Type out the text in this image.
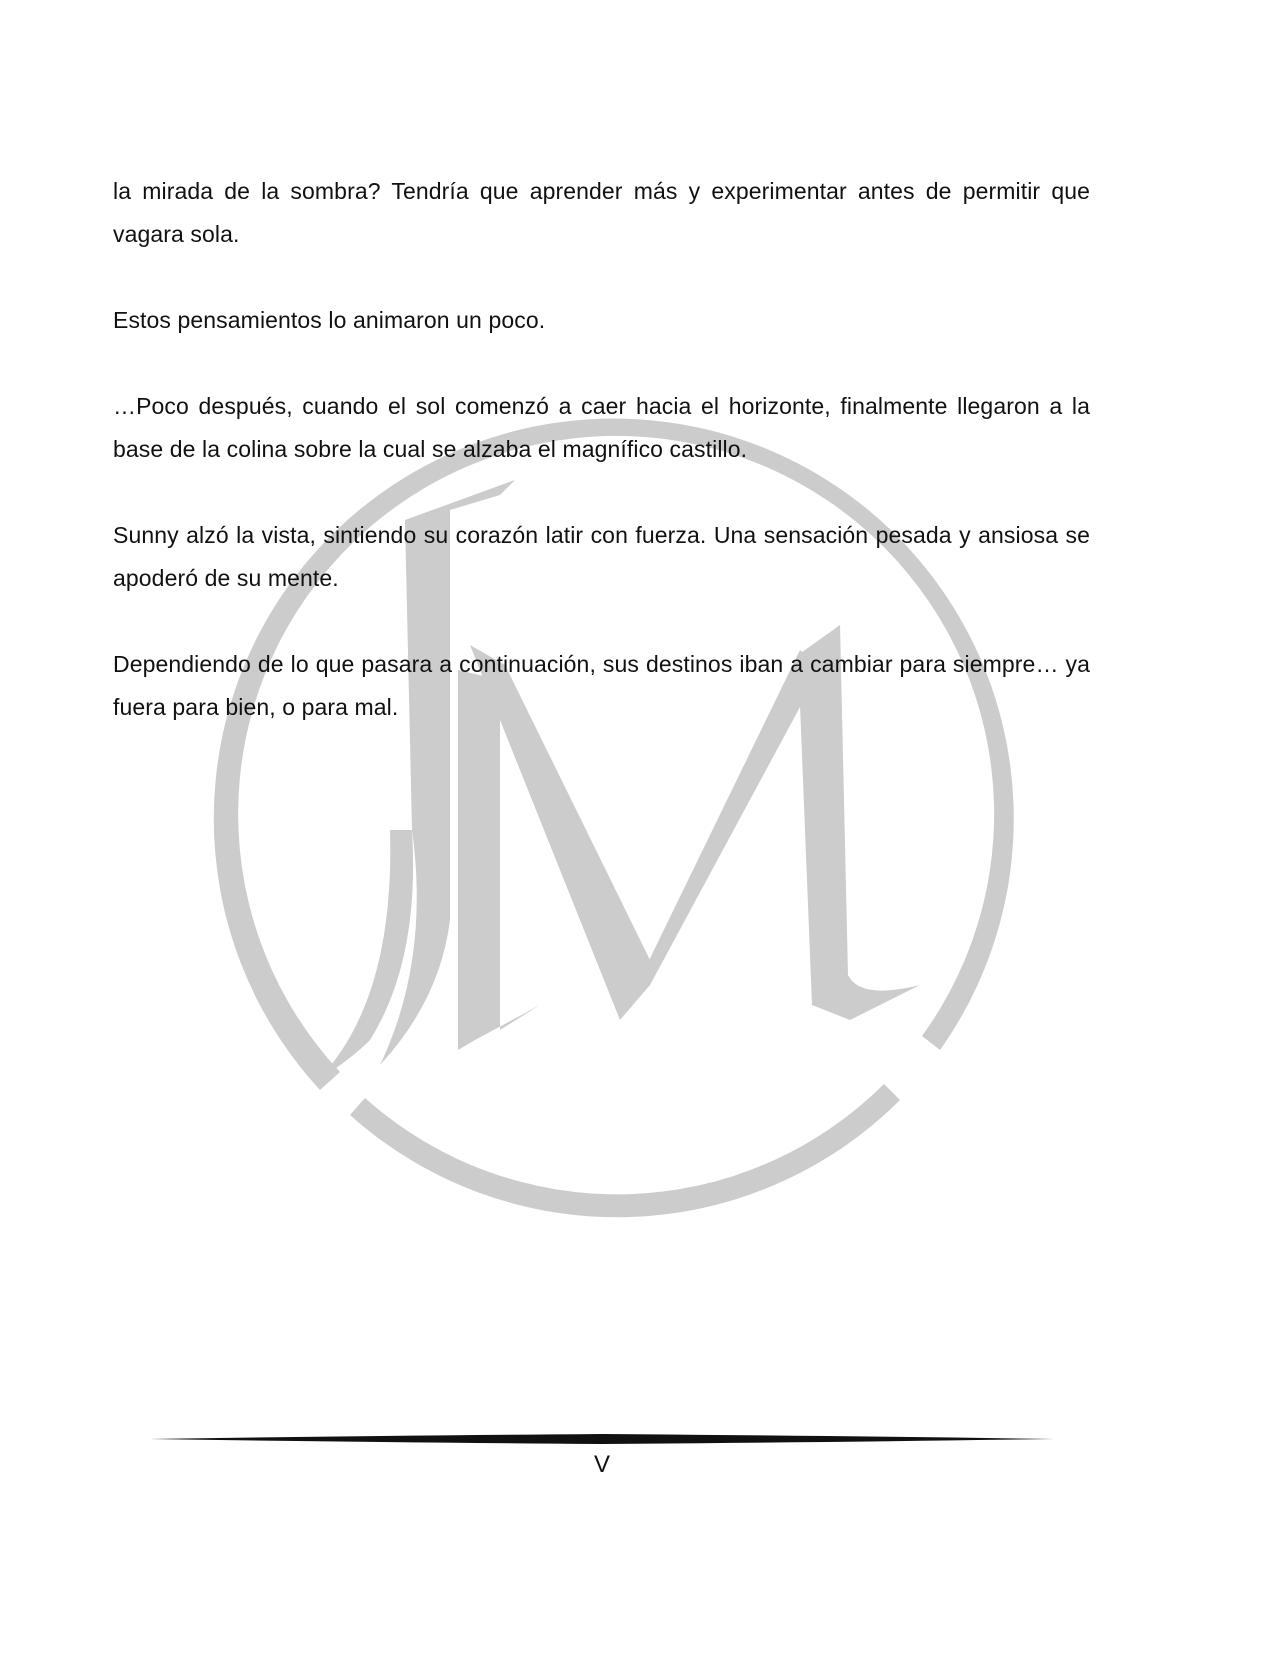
la mirada de la sombra? Tendría que aprender más y experimentar antes de permitir que vagara sola.

Estos pensamientos lo animaron un poco.

…Poco después, cuando el sol comenzó a caer hacia el horizonte, finalmente llegaron a la base de la colina sobre la cual se alzaba el magnífico castillo.

Sunny alzó la vista, sintiendo su corazón latir con fuerza. Una sensación pesada y ansiosa se apoderó de su mente.

Dependiendo de lo que pasara a continuación, sus destinos iban a cambiar para siempre… ya fuera para bien, o para mal.

V
